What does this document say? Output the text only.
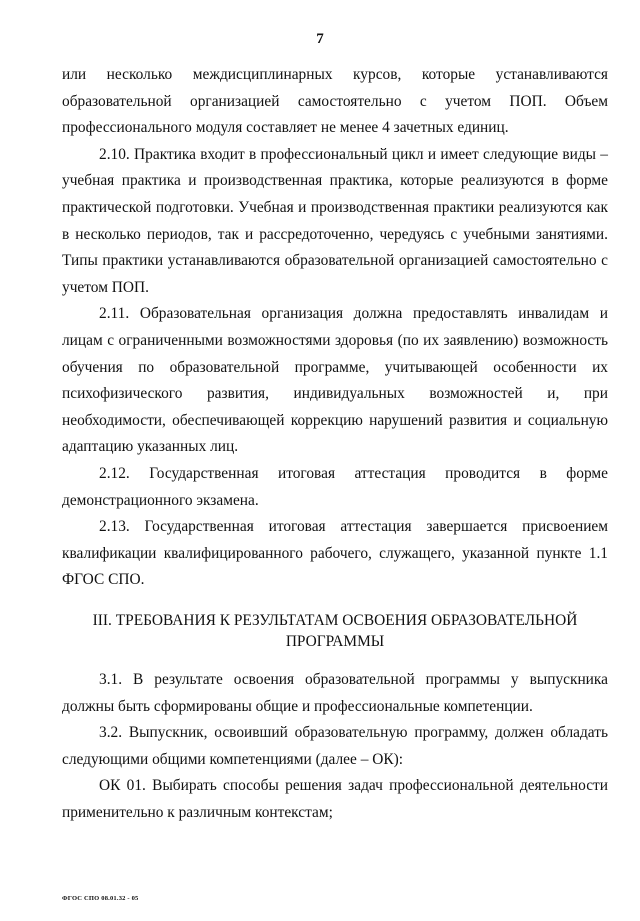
7

или несколько междисциплинарных курсов, которые устанавливаются образовательной организацией самостоятельно с учетом ПОП. Объем профессионального модуля составляет не менее 4 зачетных единиц.

2.10. Практика входит в профессиональный цикл и имеет следующие виды – учебная практика и производственная практика, которые реализуются в форме практической подготовки. Учебная и производственная практики реализуются как в несколько периодов, так и рассредоточенно, чередуясь с учебными занятиями. Типы практики устанавливаются образовательной организацией самостоятельно с учетом ПОП.

2.11. Образовательная организация должна предоставлять инвалидам и лицам с ограниченными возможностями здоровья (по их заявлению) возможность обучения по образовательной программе, учитывающей особенности их психофизического развития, индивидуальных возможностей и, при необходимости, обеспечивающей коррекцию нарушений развития и социальную адаптацию указанных лиц.

2.12. Государственная итоговая аттестация проводится в форме демонстрационного экзамена.

2.13. Государственная итоговая аттестация завершается присвоением квалификации квалифицированного рабочего, служащего, указанной пункте 1.1 ФГОС СПО.

III. ТРЕБОВАНИЯ К РЕЗУЛЬТАТАМ ОСВОЕНИЯ ОБРАЗОВАТЕЛЬНОЙ
ПРОГРАММЫ

3.1. В результате освоения образовательной программы у выпускника должны быть сформированы общие и профессиональные компетенции.

3.2. Выпускник, освоивший образовательную программу, должен обладать следующими общими компетенциями (далее – ОК):

ОК 01. Выбирать способы решения задач профессиональной деятельности применительно к различным контекстам;

ФГОС СПО 08.01.32 - 05
